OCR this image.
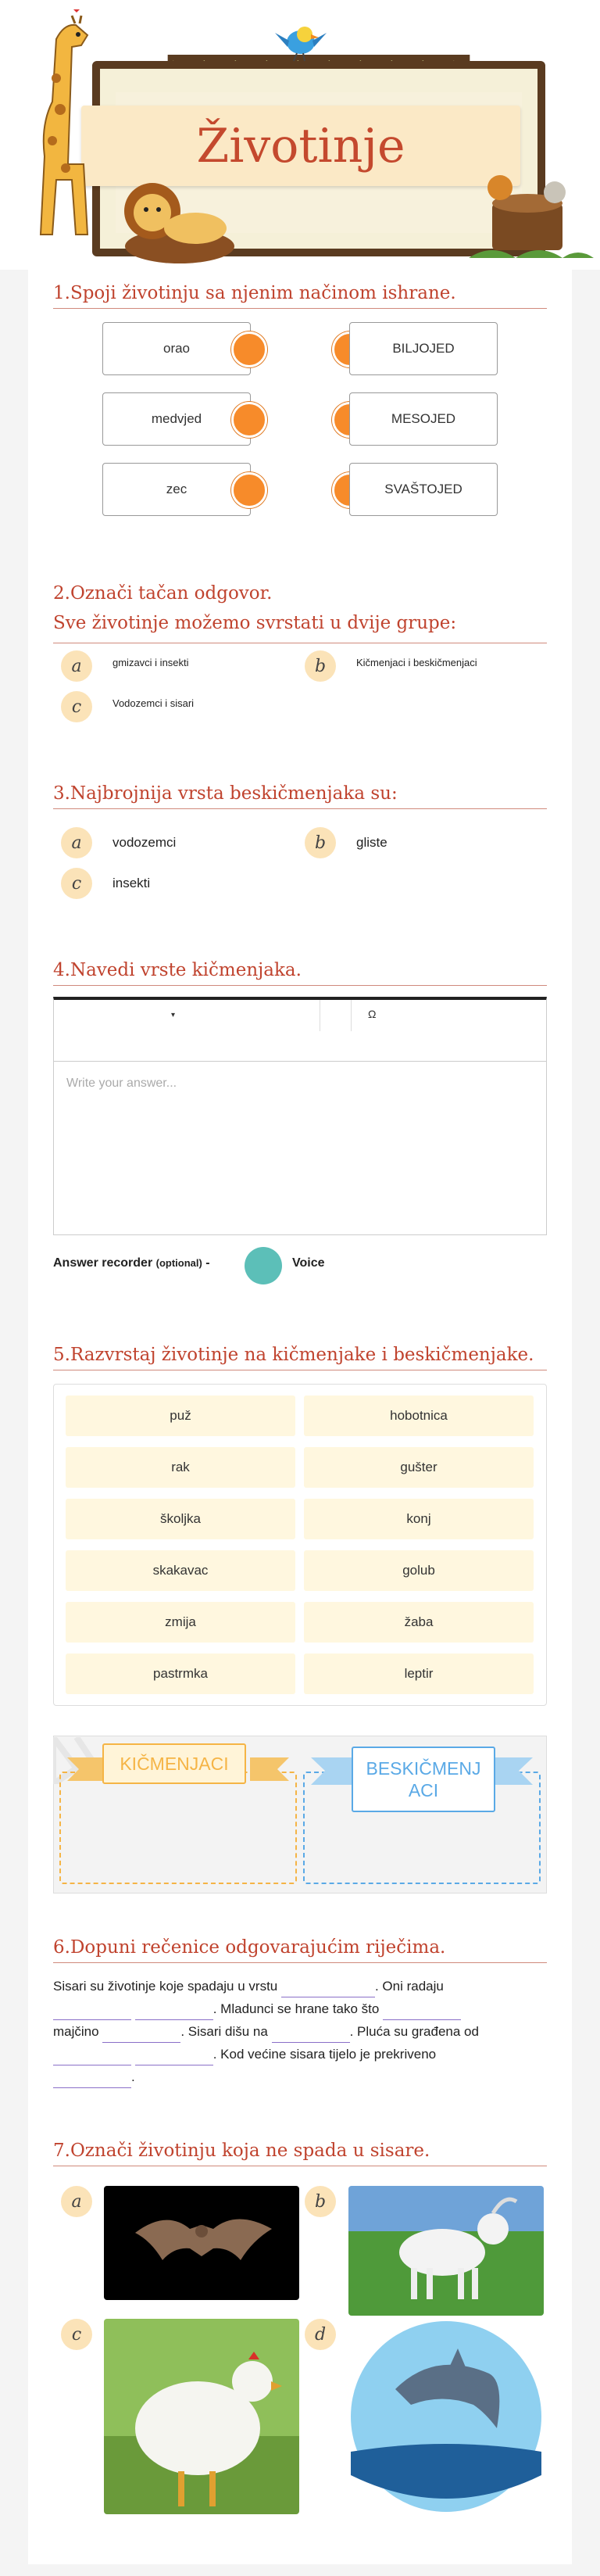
Životinje
1.Spoji životinju sa njenim načinom ishrane.
orao	BILJOJED
medvjed	MESOJED
zec	SVAŠTOJED
2.Označi tačan odgovor.
Sve životinje možemo svrstati u dvije grupe:
a	gmizavci i insekti	b	Kičmenjaci i beskičmenjaci
c	Vodozemci i sisari
3.Najbrojnija vrsta beskičmenjaka su:
a	vodozemci	b	gliste
c	insekti
4.Navedi vrste kičmenjaka.
▾	Ω
Write your answer...
Answer recorder (optional) -	Voice
5.Razvrstaj životinje na kičmenjake i beskičmenjake.
puž	hobotnica
rak	gušter
školjka	konj
skakavac	golub
zmija	žaba
pastrmka	leptir
KIČMENJACI	BESKIČMENJ
ACI
6.Dopuni rečenice odgovarajućim riječima.
Sisari su životinje koje spadaju u vrstu	. Oni radaju
. Mladunci se hrane tako što
majčino	. Sisari dišu na	. Pluća su građena od
. Kod većine sisara tijelo je prekriveno
.
7.Označi životinju koja ne spada u sisare.
a	b
c	d
